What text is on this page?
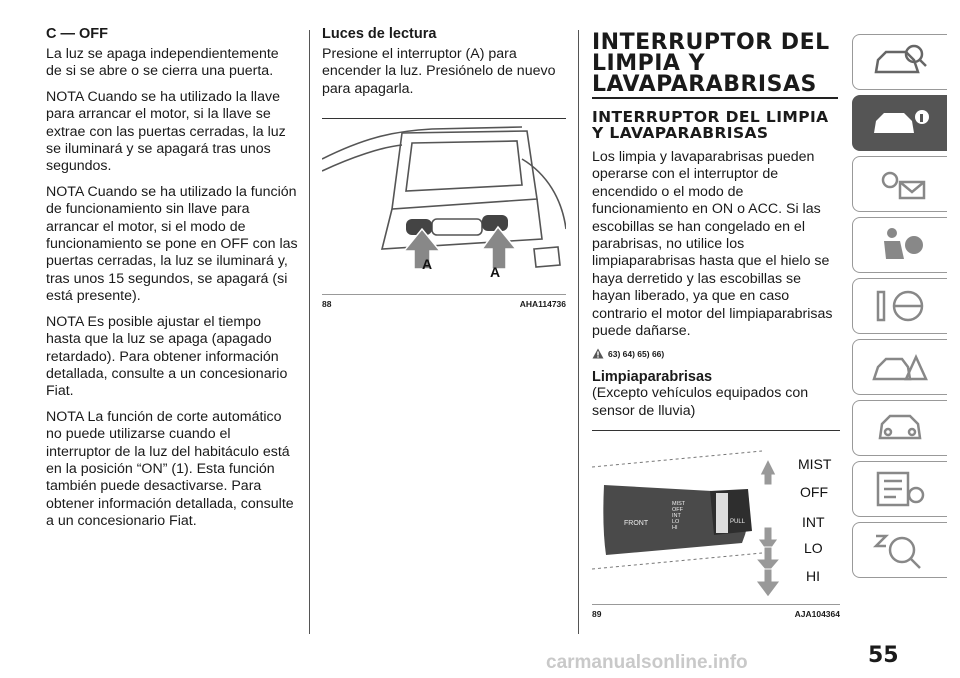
C — OFF

La luz se apaga independientemente de si se abre o se cierra una puerta.

NOTA Cuando se ha utilizado la llave para arrancar el motor, si la llave se extrae con las puertas cerradas, la luz se iluminará y se apagará tras unos segundos.

NOTA Cuando se ha utilizado la función de funcionamiento sin llave para arrancar el motor, si el modo de funcionamiento se pone en OFF con las puertas cerradas, la luz se iluminará y, tras unos 15 segundos, se apagará (si está presente).

NOTA Es posible ajustar el tiempo hasta que la luz se apaga (apagado retardado). Para obtener información detallada, consulte a un concesionario Fiat.

NOTA La función de corte automático no puede utilizarse cuando el interruptor de la luz del habitáculo está en la posición “ON” (1). Esta función también puede desactivarse. Para obtener información detallada, consulte a un concesionario Fiat.

Luces de lectura

Presione el interruptor (A) para encender la luz. Presiónelo de nuevo para apagarla.

A	A
88	AHA114736
INTERRUPTOR DEL LIMPIA Y LAVAPARABRISAS
INTERRUPTOR DEL LIMPIA Y LAVAPARABRISAS

Los limpia y lavaparabrisas pueden operarse con el interruptor de encendido o el modo de funcionamiento en ON o ACC. Si las escobillas se han congelado en el parabrisas, no utilice los limpiaparabrisas hasta que el hielo se haya derretido y las escobillas se hayan liberado, ya que en caso contrario el motor del limpiaparabrisas puede dañarse.

63) 64) 65) 66)
Limpiaparabrisas

(Excepto vehículos equipados con sensor de lluvia)

FRONT
MIST
OFF
INT
LO
HI
PULL
MIST
OFF
INT
LO
HI
89	AJA104364
55
carmanualsonline.info
